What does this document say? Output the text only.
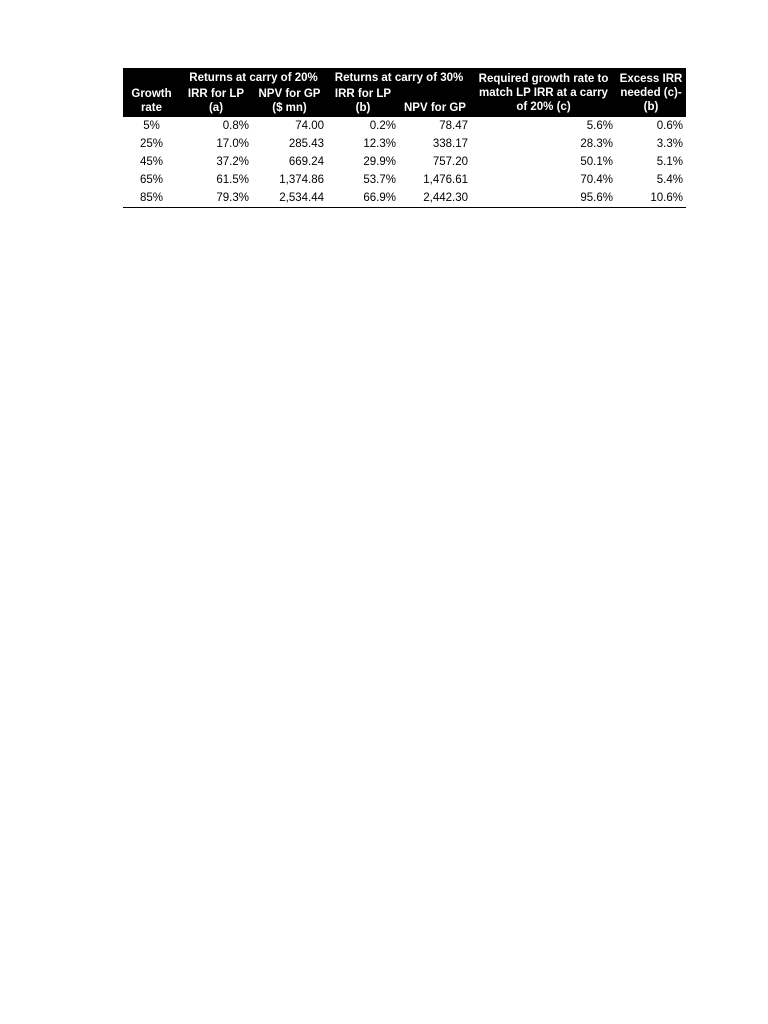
	Returns at carry of 20%		Returns at carry of 30%		Required growth rate to match LP IRR at a carry of 20% (c)	Excess IRR needed (c)-(b)
Growth rate	IRR for LP (a)	NPV for GP ($ mn)	IRR for LP (b)	NPV for GP		
5%	0.8%	74.00	0.2%	78.47	5.6%	0.6%
25%	17.0%	285.43	12.3%	338.17	28.3%	3.3%
45%	37.2%	669.24	29.9%	757.20	50.1%	5.1%
65%	61.5%	1,374.86	53.7%	1,476.61	70.4%	5.4%
85%	79.3%	2,534.44	66.9%	2,442.30	95.6%	10.6%
